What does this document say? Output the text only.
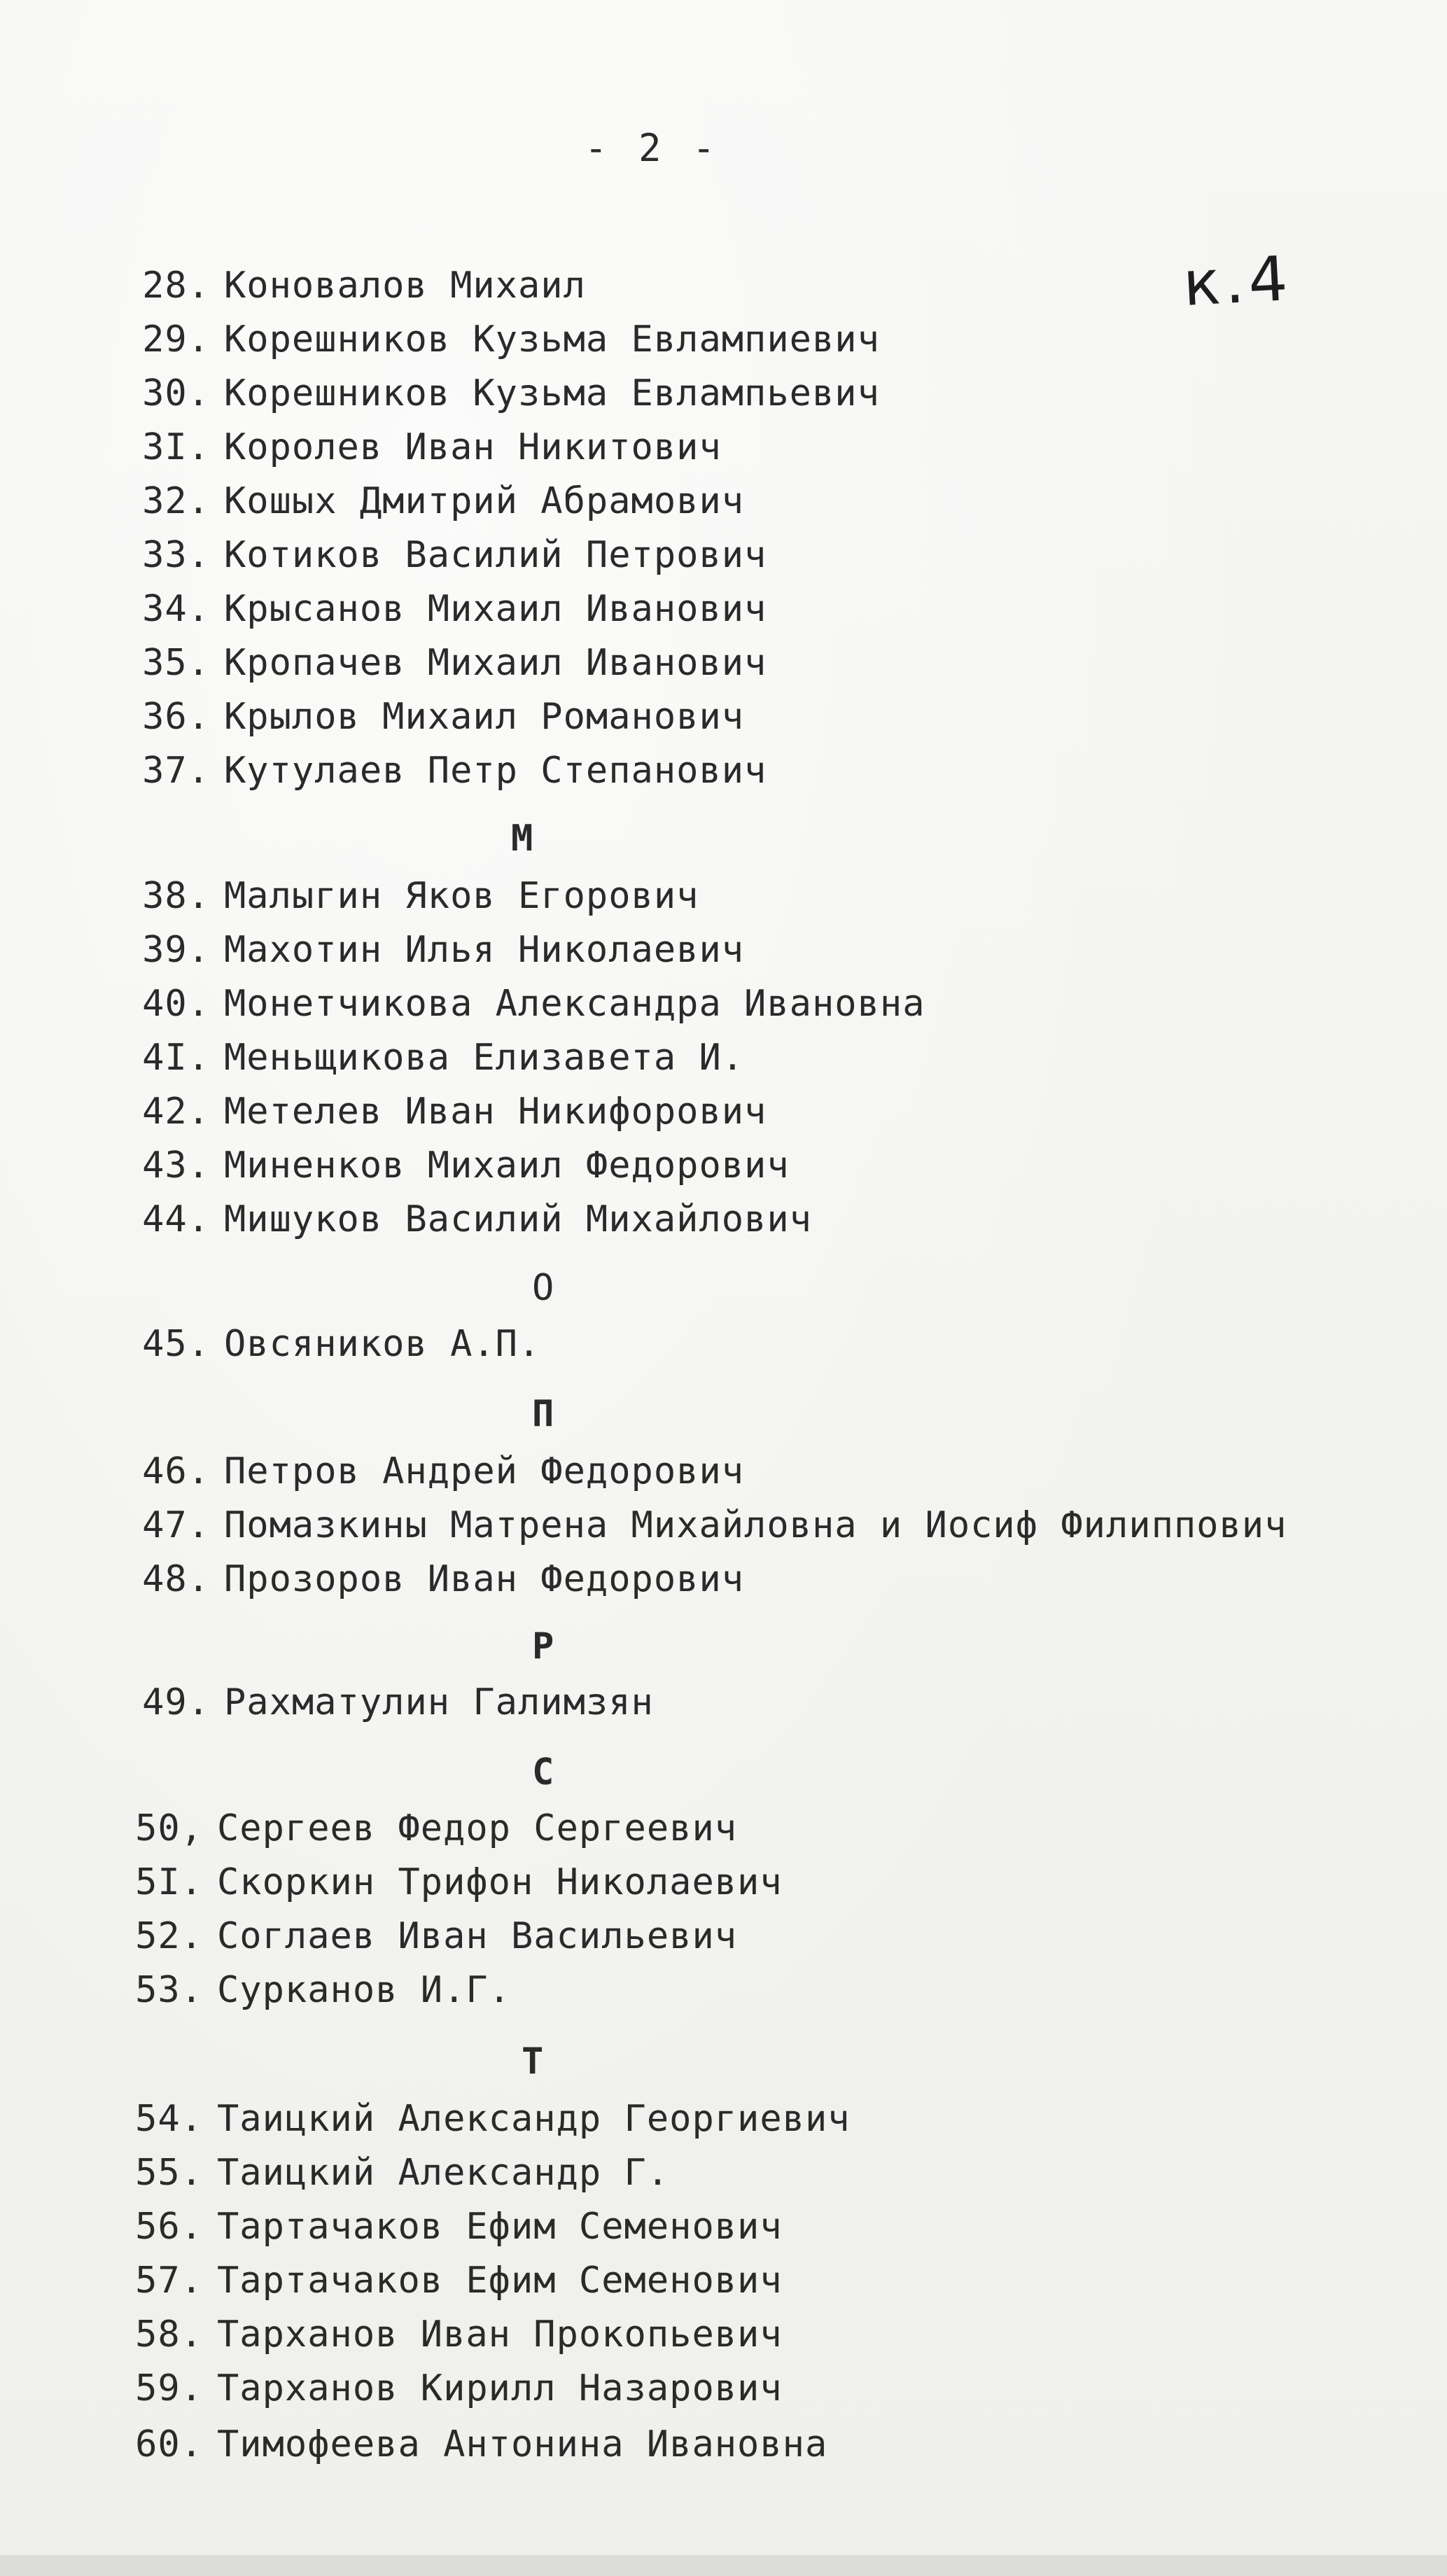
- 2 -
к.4
28. Коновалов Михаил
29. Корешников Кузьма Евлампиевич
30. Корешников Кузьма Евлампьевич
3I. Королев Иван Никитович
32. Кошых Дмитрий Абрамович
33. Котиков Василий Петрович
34. Крысанов Михаил Иванович
35. Кропачев Михаил Иванович
36. Крылов Михаил Романович
37. Кутулаев Петр Степанович
М
38. Малыгин Яков Егорович
39. Махотин Илья Николаевич
40. Монетчикова Александра Ивановна
4I. Меньщикова Елизавета И.
42. Метелев Иван Никифорович
43. Миненков Михаил Федорович
44. Мишуков Василий Михайлович
О
45. Овсяников А.П.
П
46. Петров Андрей Федорович
47. Помазкины Матрена Михайловна и Иосиф Филиппович
48. Прозоров Иван Федорович
Р
49. Рахматулин Галимзян
С
50, Сергеев Федор Сергеевич
5I. Скоркин Трифон Николаевич
52. Соглаев Иван Васильевич
53. Сурканов И.Г.
Т
54. Таицкий Александр Георгиевич
55. Таицкий Александр Г.
56. Тартачаков Ефим Семенович
57. Тартачаков Ефим Семенович
58. Тарханов Иван Прокопьевич
59. Тарханов Кирилл Назарович
60. Тимофеева Антонина Ивановна
